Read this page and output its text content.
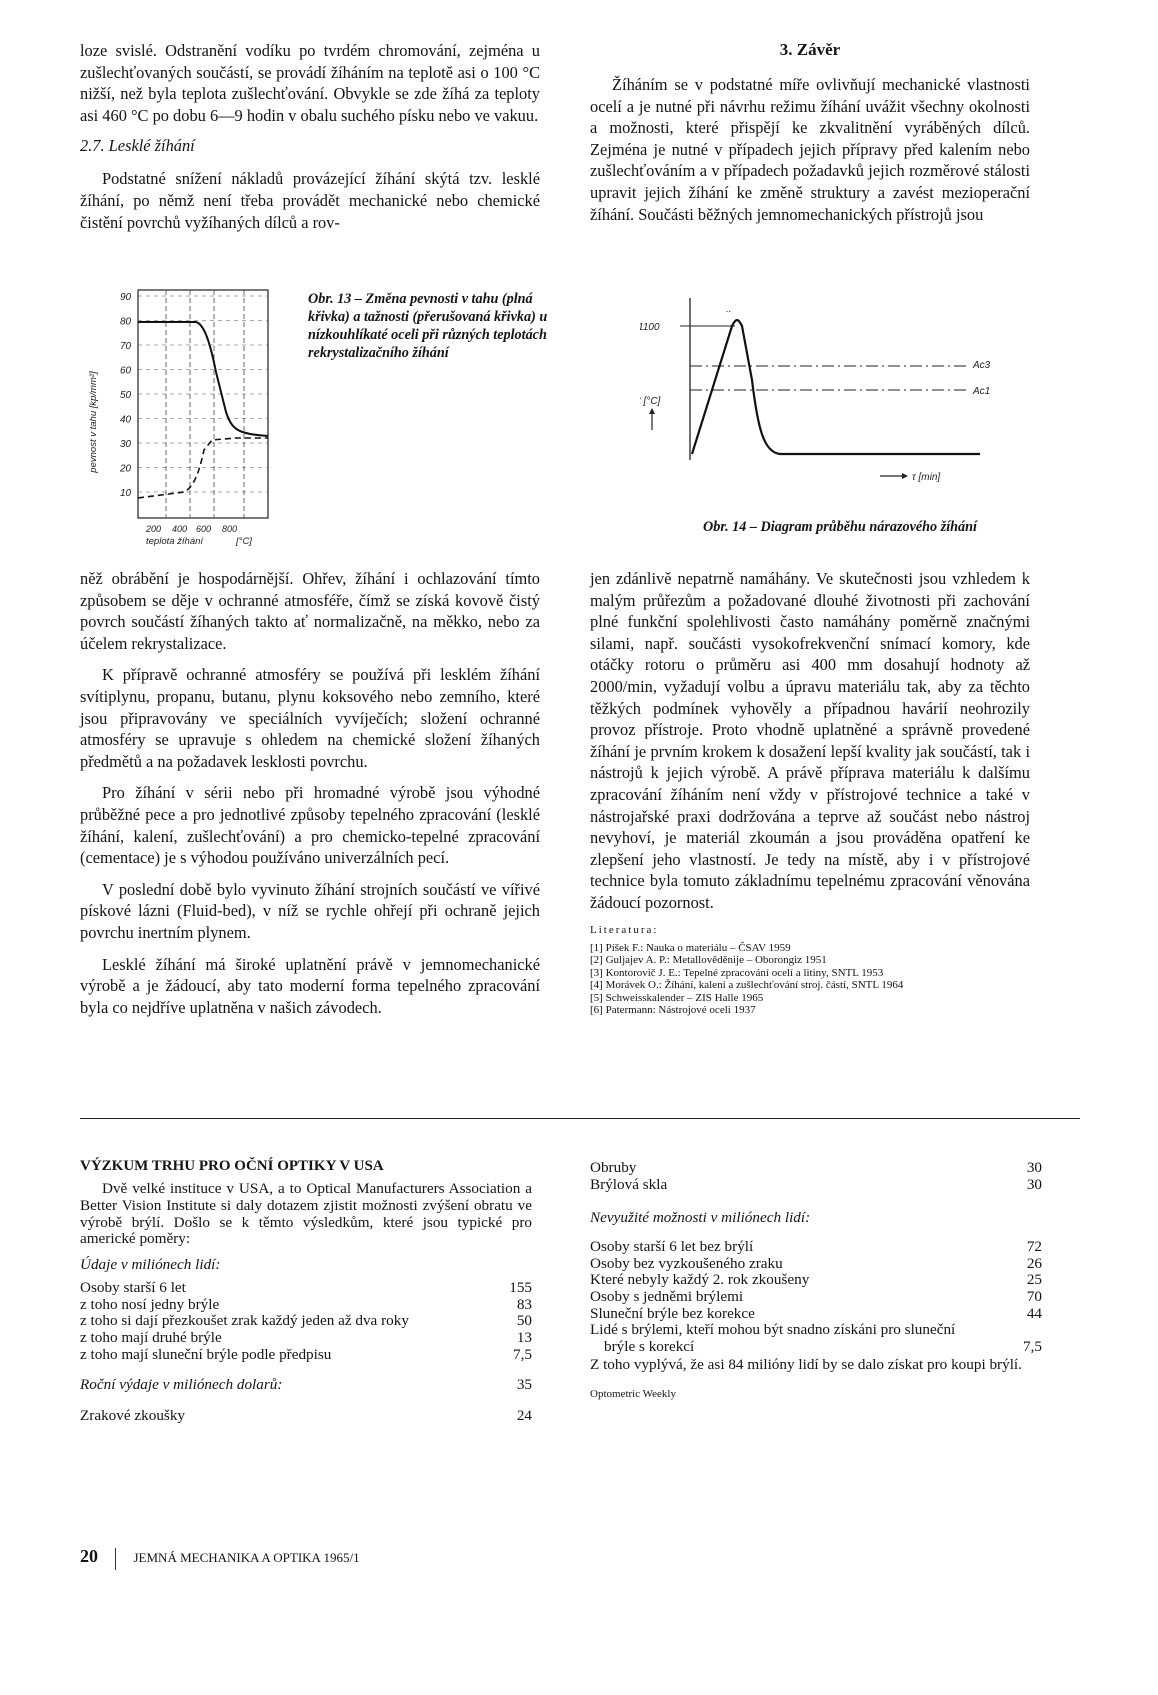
loze svislé. Odstranění vodíku po tvrdém chromování, zejména u zušlechťovaných součástí, se provádí žíháním na teplotě asi o 100 °C nižší, než byla teplota zušlechťování. Obvykle se zde žíhá za teploty asi 460 °C po dobu 6—9 hodin v obalu suchého písku nebo ve vakuu.

2.7. Lesklé žíhání

Podstatné snížení nákladů provázející žíhání skýtá tzv. lesklé žíhání, po němž není třeba provádět mechanické nebo chemické čistění povrchů vyžíhaných dílců a rov-

3. Závěr

Žíháním se v podstatné míře ovlivňují mechanické vlastnosti ocelí a je nutné při návrhu režimu žíhání uvážit všechny okolnosti a možnosti, které přispějí ke zkvalitnění vyráběných dílců. Zejména je nutné v případech jejich přípravy před kalením nebo zušlechťováním a v případech požadavků jejich rozměrové stálosti upravit jejich žíhání ke změně struktury a zavést mezioperační žíhání. Součásti běžných jemnomechanických přístrojů jsou

90
80
70
60
50
40
30
20
10
200 400 600 800
pevnost v tahu [kp/mm²]
teplota žíhání	[°C]
Obr. 13 – Změna pevnosti v tahu (plná křivka) a tažnosti (přerušovaná křivka) u nízkouhlíkaté oceli při různých teplotách rekrystalizačního žíhání
1100
..
Ac3
Ac1
t [°C]
τ [min]
Obr. 14 – Diagram průběhu nárazového žíhání

něž obrábění je hospodárnější. Ohřev, žíhání i ochlazování tímto způsobem se děje v ochranné atmosféře, čímž se získá kovově čistý povrch součástí žíhaných takto ať normalizačně, na měkko, nebo za účelem rekrystalizace.

K přípravě ochranné atmosféry se používá při lesklém žíhání svítiplynu, propanu, butanu, plynu koksového nebo zemního, které jsou připravovány ve speciálních vyvíječích; složení ochranné atmosféry se upravuje s ohledem na chemické složení žíhaných předmětů a na požadavek lesklosti povrchu.

Pro žíhání v sérii nebo při hromadné výrobě jsou výhodné průběžné pece a pro jednotlivé způsoby tepelného zpracování (lesklé žíhání, kalení, zušlechťování) a pro chemicko-tepelné zpracování (cementace) je s výhodou používáno univerzálních pecí.

V poslední době bylo vyvinuto žíhání strojních součástí ve vířivé pískové lázni (Fluid-bed), v níž se rychle ohřejí při ochraně jejich povrchu inertním plynem.

Lesklé žíhání má široké uplatnění právě v jemnomechanické výrobě a je žádoucí, aby tato moderní forma tepelného zpracování byla co nejdříve uplatněna v našich závodech.

jen zdánlivě nepatrně namáhány. Ve skutečnosti jsou vzhledem k malým průřezům a požadované dlouhé životnosti při zachování plné funkční spolehlivosti často namáhány poměrně značnými silami, např. součásti vysokofrekvenční snímací komory, kde otáčky rotoru o průměru asi 400 mm dosahují hodnoty až 2000/min, vyžadují volbu a úpravu materiálu tak, aby za těchto těžkých podmínek vyhověly a případnou havárií neohrozily provoz přístroje. Proto vhodně uplatněné a správně provedené žíhání je prvním krokem k dosažení lepší kvality jak součástí, tak i nástrojů k jejich výrobě. A právě příprava materiálu k dalšímu zpracování žíháním není vždy v přístrojové technice a také v nástrojařské praxi dodržována a teprve až součást nebo nástroj nevyhoví, je materiál zkoumán a jsou prováděna opatření ke zlepšení jeho vlastností. Je tedy na místě, aby i v přístrojové technice byla tomuto základnímu tepelnému zpracování věnována žádoucí pozornost.

Literatura:
[1] Píšek F.: Nauka o materiálu – ČSAV 1959
[2] Guljajev A. P.: Metallověděnije – Oborongiz 1951
[3] Kontorovič J. E.: Tepelné zpracování ocelí a litiny, SNTL 1953
[4] Morávek O.: Žíhání, kalení a zušlechťování stroj. částí, SNTL 1964
[5] Schweisskalender – ZIS Halle 1965
[6] Patermann: Nástrojové oceli 1937
VÝZKUM TRHU PRO OČNÍ OPTIKY V USA

Dvě velké instituce v USA, a to Optical Manufacturers Association a Better Vision Institute si daly dotazem zjistit možnosti zvýšení obratu ve výrobě brýlí. Došlo se k těmto výsledkům, které jsou typické pro americké poměry:

Údaje v miliónech lidí:
Osoby starší 6 let	155
z toho nosí jedny brýle	83
z toho si dají přezkoušet zrak každý jeden až dva roky	50
z toho mají druhé brýle	13
z toho mají sluneční brýle podle předpisu	7,5
Roční výdaje v miliónech dolarů:	35
Zrakové zkoušky	24
Obruby	30
Brýlová skla	30
Nevyužité možnosti v miliónech lidí:
Osoby starší 6 let bez brýlí	72
Osoby bez vyzkoušeného zraku	26
Které nebyly každý 2. rok zkoušeny	25
Osoby s jedněmi brýlemi	70
Sluneční brýle bez korekce	44
Lidé s brýlemi, kteří mohou být snadno získáni pro sluneční
brýle s korekcí	7,5

Z toho vyplývá, že asi 84 milióny lidí by se dalo získat pro koupi brýlí.

Optometric Weekly
20	JEMNÁ MECHANIKA A OPTIKA 1965/1
